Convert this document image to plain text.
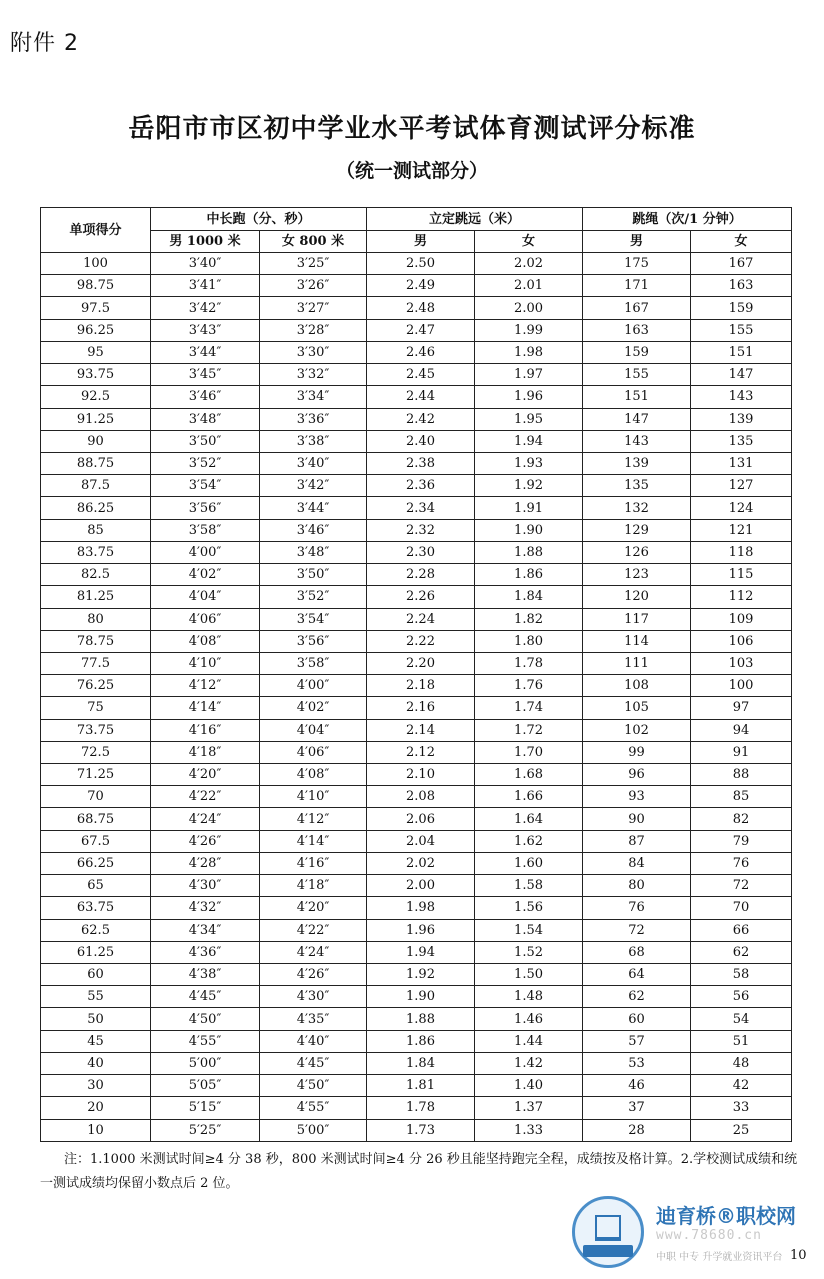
附件 2
岳阳市市区初中学业水平考试体育测试评分标准
（统一测试部分）
单项得分	中长跑（分、秒）		立定跳远（米）		跳绳（次/1 分钟）	
	男 1000 米	女 800 米	男	女	男	女
100	3′40″	3′25″	2.50	2.02	175	167
98.75	3′41″	3′26″	2.49	2.01	171	163
97.5	3′42″	3′27″	2.48	2.00	167	159
96.25	3′43″	3′28″	2.47	1.99	163	155
95	3′44″	3′30″	2.46	1.98	159	151
93.75	3′45″	3′32″	2.45	1.97	155	147
92.5	3′46″	3′34″	2.44	1.96	151	143
91.25	3′48″	3′36″	2.42	1.95	147	139
90	3′50″	3′38″	2.40	1.94	143	135
88.75	3′52″	3′40″	2.38	1.93	139	131
87.5	3′54″	3′42″	2.36	1.92	135	127
86.25	3′56″	3′44″	2.34	1.91	132	124
85	3′58″	3′46″	2.32	1.90	129	121
83.75	4′00″	3′48″	2.30	1.88	126	118
82.5	4′02″	3′50″	2.28	1.86	123	115
81.25	4′04″	3′52″	2.26	1.84	120	112
80	4′06″	3′54″	2.24	1.82	117	109
78.75	4′08″	3′56″	2.22	1.80	114	106
77.5	4′10″	3′58″	2.20	1.78	111	103
76.25	4′12″	4′00″	2.18	1.76	108	100
75	4′14″	4′02″	2.16	1.74	105	97
73.75	4′16″	4′04″	2.14	1.72	102	94
72.5	4′18″	4′06″	2.12	1.70	99	91
71.25	4′20″	4′08″	2.10	1.68	96	88
70	4′22″	4′10″	2.08	1.66	93	85
68.75	4′24″	4′12″	2.06	1.64	90	82
67.5	4′26″	4′14″	2.04	1.62	87	79
66.25	4′28″	4′16″	2.02	1.60	84	76
65	4′30″	4′18″	2.00	1.58	80	72
63.75	4′32″	4′20″	1.98	1.56	76	70
62.5	4′34″	4′22″	1.96	1.54	72	66
61.25	4′36″	4′24″	1.94	1.52	68	62
60	4′38″	4′26″	1.92	1.50	64	58
55	4′45″	4′30″	1.90	1.48	62	56
50	4′50″	4′35″	1.88	1.46	60	54
45	4′55″	4′40″	1.86	1.44	57	51
40	5′00″	4′45″	1.84	1.42	53	48
30	5′05″	4′50″	1.81	1.40	46	42
20	5′15″	4′55″	1.78	1.37	37	33
10	5′25″	5′00″	1.73	1.33	28	25
注：1.1000 米测试时间≥4 分 38 秒，800 米测试时间≥4 分 26 秒且能坚持跑完全程，成绩按及格计算。2.学校测试成绩和统一测试成绩均保留小数点后 2 位。
迪育桥®职校网
www.78680.cn
中职 中专 升学就业资讯平台 10
